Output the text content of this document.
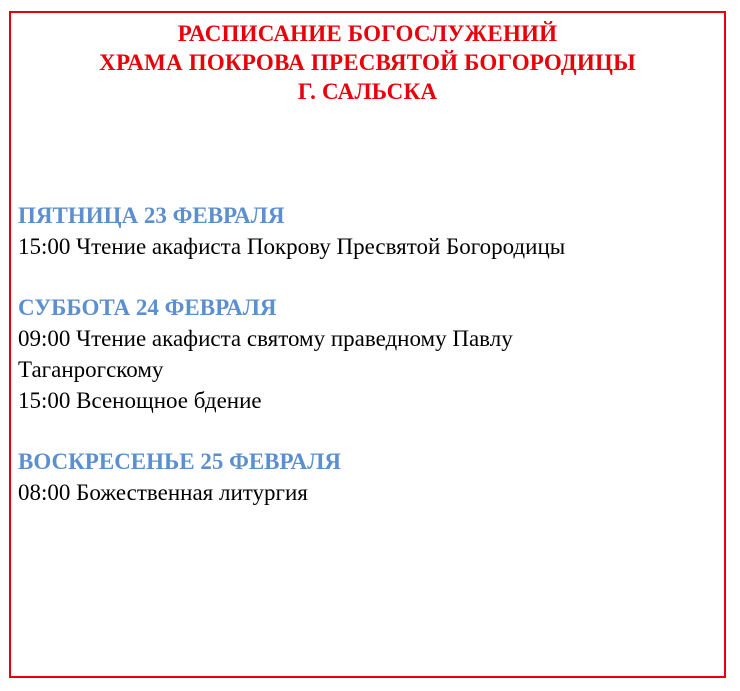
РАСПИСАНИЕ БОГОСЛУЖЕНИЙ
ХРАМА ПОКРОВА ПРЕСВЯТОЙ БОГОРОДИЦЫ
Г. САЛЬСКА
ПЯТНИЦА 23 ФЕВРАЛЯ
15:00 Чтение акафиста Покрову Пресвятой Богородицы
СУББОТА 24 ФЕВРАЛЯ
09:00 Чтение акафиста святому праведному Павлу Таганрогскому
15:00 Всенощное бдение
ВОСКРЕСЕНЬЕ 25 ФЕВРАЛЯ
08:00 Божественная литургия
